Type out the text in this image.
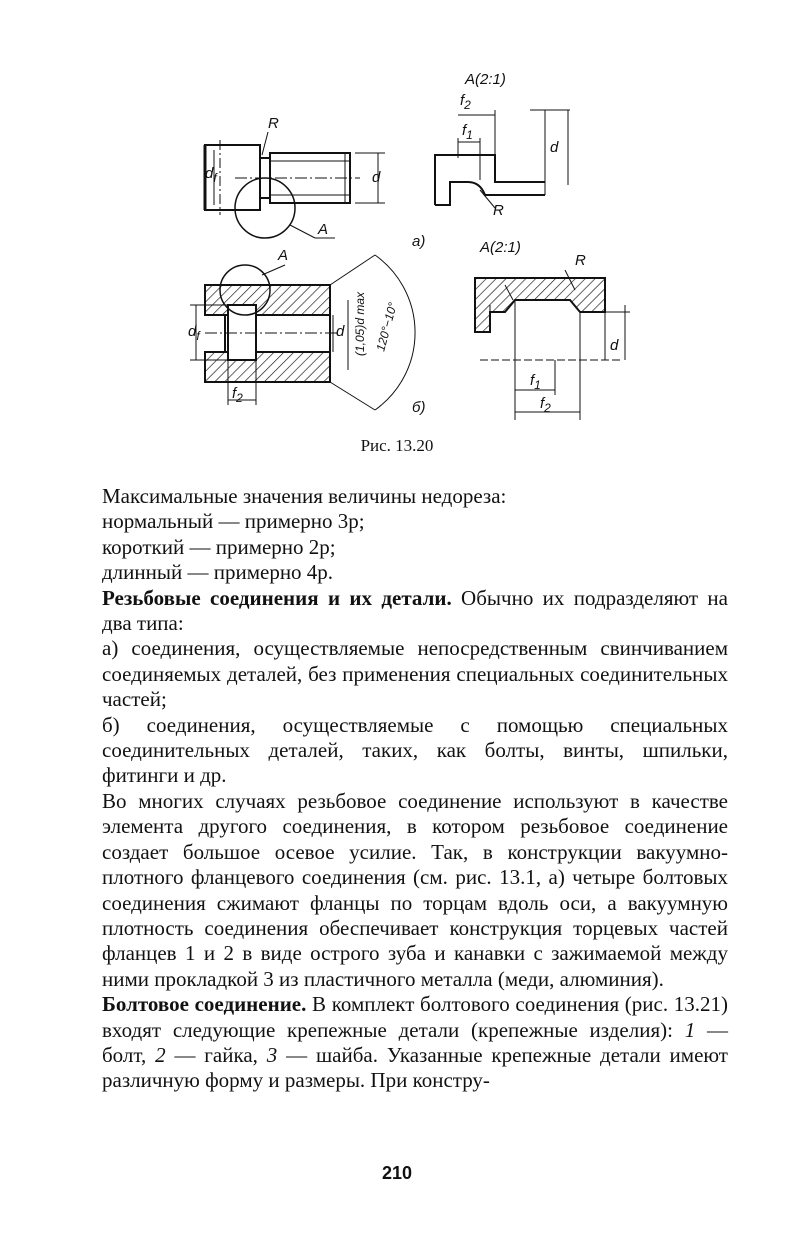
R
A
d
$d_f$
а)
A(2:1)
$f_2$
$f_1$
R
d
A
$d_f$
$f_2$
d (1,05)d max 120°−10°
б)
A(2:1)
R
$f_1$
$f_2$
d
Рис. 13.20

Максимальные значения величины недореза:

нормальный — примерно 3p;

короткий — примерно 2p;

длинный — примерно 4p.

Резьбовые соединения и их детали. Обычно их подразделяют на два типа:

а) соединения, осуществляемые непосредственным свинчиванием соединяемых деталей, без применения специальных соединительных частей;

б) соединения, осуществляемые с помощью специальных соединительных деталей, таких, как болты, винты, шпильки, фитинги и др.

Во многих случаях резьбовое соединение используют в качестве элемента другого соединения, в котором резьбовое соединение создает большое осевое усилие. Так, в конструкции вакуумно-плотного фланцевого соединения (см. рис. 13.1, а) четыре болтовых соединения сжимают фланцы по торцам вдоль оси, а вакуумную плотность соединения обеспечивает конструкция торцевых частей фланцев 1 и 2 в виде острого зуба и канавки с зажимаемой между ними прокладкой 3 из пластичного металла (меди, алюминия).

Болтовое соединение. В комплект болтового соединения (рис. 13.21) входят следующие крепежные детали (крепежные изделия): 1 — болт, 2 — гайка, 3 — шайба. Указанные крепежные детали имеют различную форму и размеры. При констру-

210
